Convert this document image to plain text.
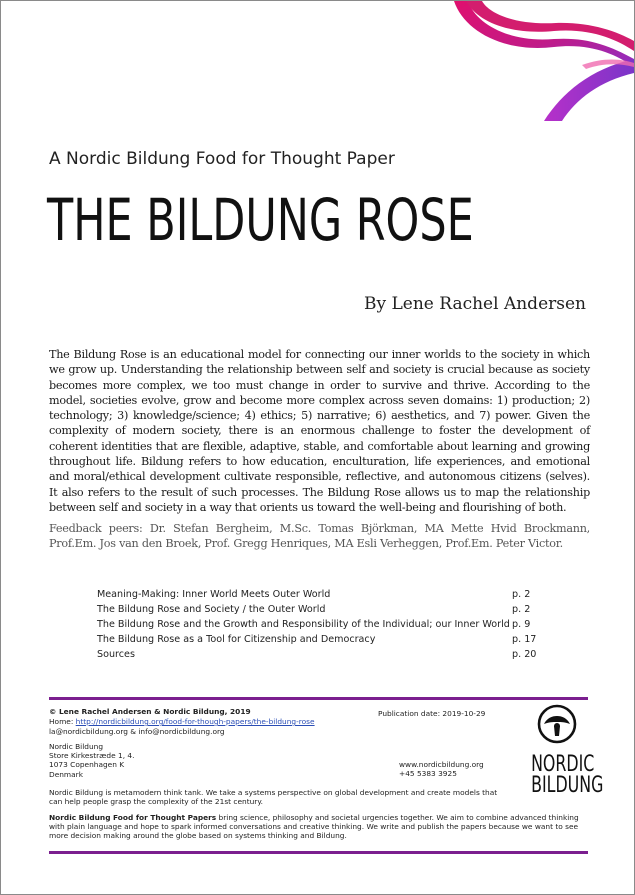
A Nordic Bildung Food for Thought Paper
THE BILDUNG ROSE
By Lene Rachel Andersen
The Bildung Rose is an educational model for connecting our inner worlds to the society in which we grow up. Understanding the relationship between self and society is crucial because as society becomes more complex, we too must change in order to survive and thrive. According to the model, societies evolve, grow and become more complex across seven domains: 1) production; 2) technology; 3) knowledge/science; 4) ethics; 5) narrative; 6) aesthetics, and 7) power. Given the complexity of modern society, there is an enormous challenge to foster the development of coherent identities that are flexible, adaptive, stable, and comfortable about learning and growing throughout life. Bildung refers to how education, enculturation, life experiences, and emotional and moral/ethical development cultivate responsible, reflective, and autonomous citizens (selves). It also refers to the result of such processes. The Bildung Rose allows us to map the relationship between self and society in a way that orients us toward the well-being and flourishing of both.
Feedback peers: Dr. Stefan Bergheim, M.Sc. Tomas Björkman, MA Mette Hvid Brockmann, Prof.Em. Jos van den Broek, Prof. Gregg Henriques, MA Esli Verheggen, Prof.Em. Peter Victor.
Meaning-Making: Inner World Meets Outer World	p. 2
The Bildung Rose and Society / the Outer World	p. 2
The Bildung Rose and the Growth and Responsibility of the Individual; our Inner World p. 9
The Bildung Rose as a Tool for Citizenship and Democracy	p. 17
Sources	p. 20
© Lene Rachel Andersen & Nordic Bildung, 2019
Home: http://nordicbildung.org/food-for-though-papers/the-bildung-rose
la@nordicbildung.org & info@nordicbildung.org
Nordic Bildung
Store Kirkestræde 1, 4.
1073 Copenhagen K
Denmark
Publication date: 2019-10-29
www.nordicbildung.org
+45 5383 3925
Nordic Bildung is metamodern think tank. We take a systems perspective on global development and create models that can help people grasp the complexity of the 21st century.
Nordic Bildung Food for Thought Papers bring science, philosophy and societal urgencies together. We aim to combine advanced thinking with plain language and hope to spark informed conversations and creative thinking. We write and publish the papers because we want to see more decision making around the globe based on systems thinking and Bildung.
NORDIC
BILDUNG
